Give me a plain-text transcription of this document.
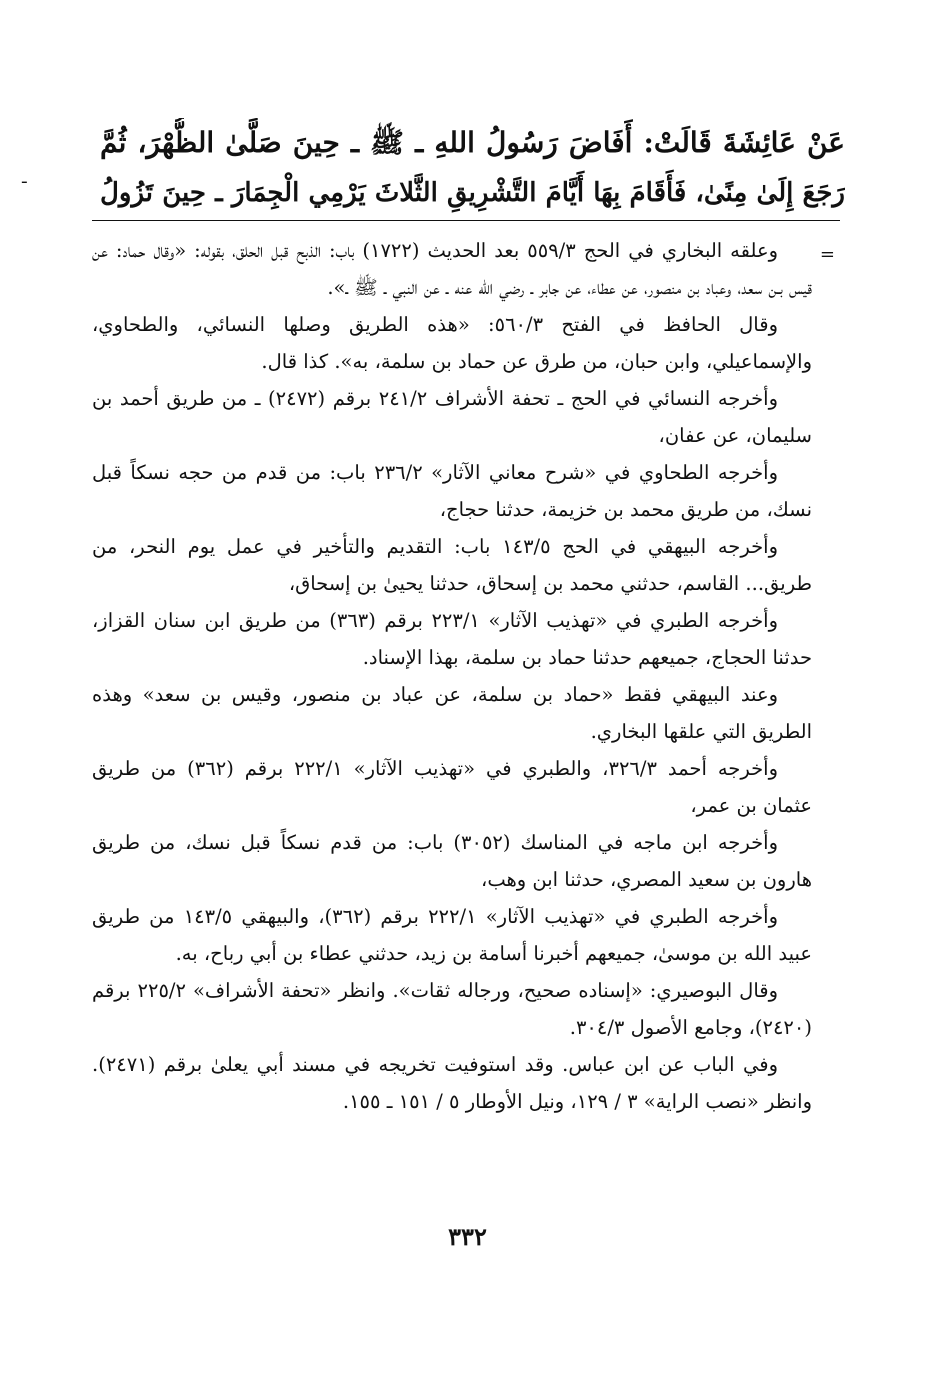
ـ
عَنْ عَائِشَةَ قَالَتْ: أَفَاضَ رَسُولُ اللهِ ـ ﷺ ـ حِينَ صَلَّىٰ الظُّهْرَ، ثُمَّ
رَجَعَ إِلَىٰ مِنًىٰ، فَأَقَامَ بِهَا أَيَّامَ التَّشْرِيقِ الثَّلاثَ يَرْمِي الْجِمَارَ ـ حِينَ تَزُولُ
=

وعلقه البخاري في الحج ٥٥٩/٣ بعد الحديث (١٧٢٢) باب: الذبح قبل الحلق، بقوله: «وقال حماد: عن قيس بـن سعد، وعباد بن منصور، عن عطاء، عن جابر ـ رضي الله عنه ـ عن النبي ـ ﷺ ـ».

وقال الحافظ في الفتح ٥٦٠/٣: «هذه الطريق وصلها النسائي، والطحاوي، والإسماعيلي، وابن حبان، من طرق عن حماد بن سلمة، به». كذا قال.

وأخرجه النسائي في الحج ـ تحفة الأشراف ٢٤١/٢ برقم (٢٤٧٢) ـ من طريق أحمد بن سليمان، عن عفان،

وأخرجه الطحاوي في «شرح معاني الآثار» ٢٣٦/٢ باب: من قدم من حجه نسكاً قبل نسك، من طريق محمد بن خزيمة، حدثنا حجاج،

وأخرجه البيهقي في الحج ١٤٣/٥ باب: التقديم والتأخير في عمل يوم النحر، من طريق... القاسم، حدثني محمد بن إسحاق، حدثنا يحيىٰ بن إسحاق،

وأخرجه الطبري في «تهذيب الآثار» ٢٢٣/١ برقم (٣٦٣) من طريق ابن سنان القزاز، حدثنا الحجاج، جميعهم حدثنا حماد بن سلمة، بهذا الإسناد.

وعند البيهقي فقط «حماد بن سلمة، عن عباد بن منصور، وقيس بن سعد» وهذه الطريق التي علقها البخاري.

وأخرجه أحمد ٣٢٦/٣، والطبري في «تهذيب الآثار» ٢٢٢/١ برقم (٣٦٢) من طريق عثمان بن عمر،

وأخرجه ابن ماجه في المناسك (٣٠٥٢) باب: من قدم نسكاً قبل نسك، من طريق هارون بن سعيد المصري، حدثنا ابن وهب،

وأخرجه الطبري في «تهذيب الآثار» ٢٢٢/١ برقم (٣٦٢)، والبيهقي ١٤٣/٥ من طريق عبيد الله بن موسىٰ، جميعهم أخبرنا أسامة بن زيد، حدثني عطاء بن أبي رباح، به.

وقال البوصيري: «إسناده صحيح، ورجاله ثقات». وانظر «تحفة الأشراف» ٢٢٥/٢ برقم (٢٤٢٠)، وجامع الأصول ٣٠٤/٣.

وفي الباب عن ابن عباس. وقد استوفيت تخريجه في مسند أبي يعلىٰ برقم (٢٤٧١). وانظر «نصب الراية» ٣ / ١٢٩، ونيل الأوطار ٥ / ١٥١ ـ ١٥٥.

٣٣٢
